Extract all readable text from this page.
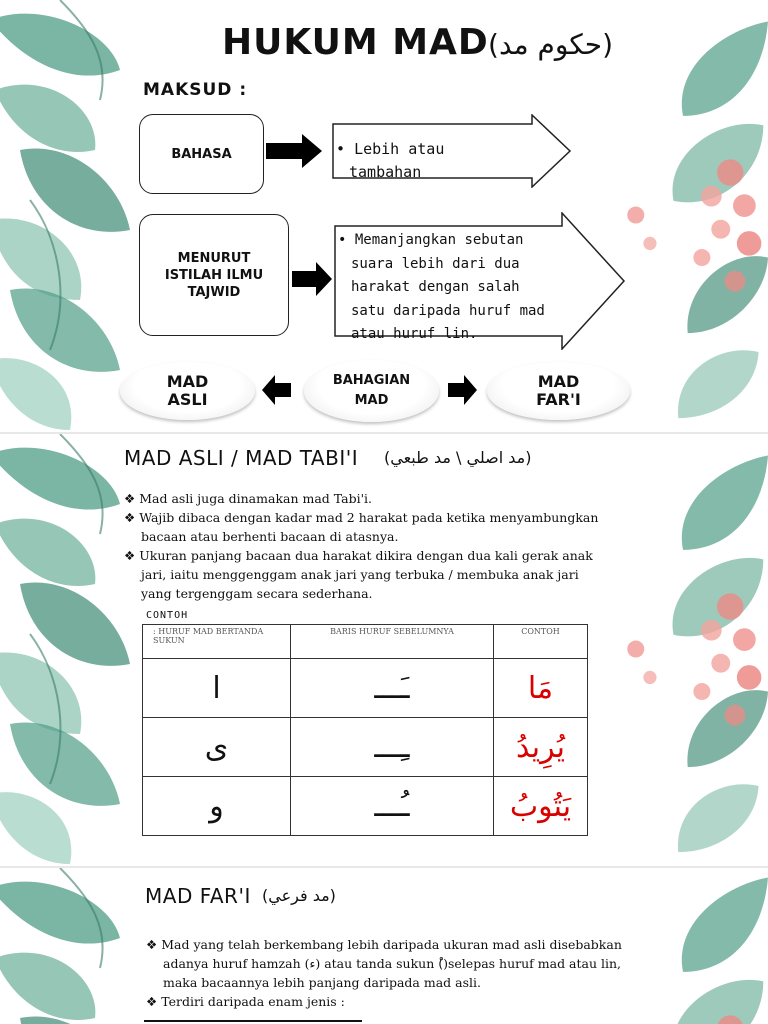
HUKUM MAD (حكوم مد)
MAKSUD :
BAHASA	• Lebih atau
tambahan
MENURUT
ISTILAH ILMU
TAJWID
• Memanjangkan sebutan
suara lebih dari dua
harakat dengan salah
satu daripada huruf mad
atau huruf lin.
MAD
ASLI
BAHAGIAN
MAD
MAD
FAR'I
MAD ASLI / MAD TABI'I (مد اصلي \ مد طبعي)
❖ Mad asli juga dinamakan mad Tabi'i.
❖ Wajib dibaca dengan kadar mad 2 harakat pada ketika menyambungkan
bacaan atau berhenti bacaan di atasnya.
❖ Ukuran panjang bacaan dua harakat dikira dengan dua kali gerak anak
jari, iaitu menggenggam anak jari yang terbuka / membuka anak jari
yang tergenggam secara sederhana.
CONTOH
: HURUF MAD BERTANDA SUKUN	BARIS HURUF SEBELUMNYA	CONTOH
ا	ـَـــ	مَا
ى	ـِـــ	يُرِيدُ
و	ـُـــ	يَتُوبُ
MAD FAR'I (مد فرعي)
❖ Mad yang telah berkembang lebih daripada ukuran mad asli disebabkan
adanya huruf hamzah (ء) atau tanda sukun (ْ)selepas huruf mad atau lin,
maka bacaannya lebih panjang daripada mad asli.
❖ Terdiri daripada enam jenis :
